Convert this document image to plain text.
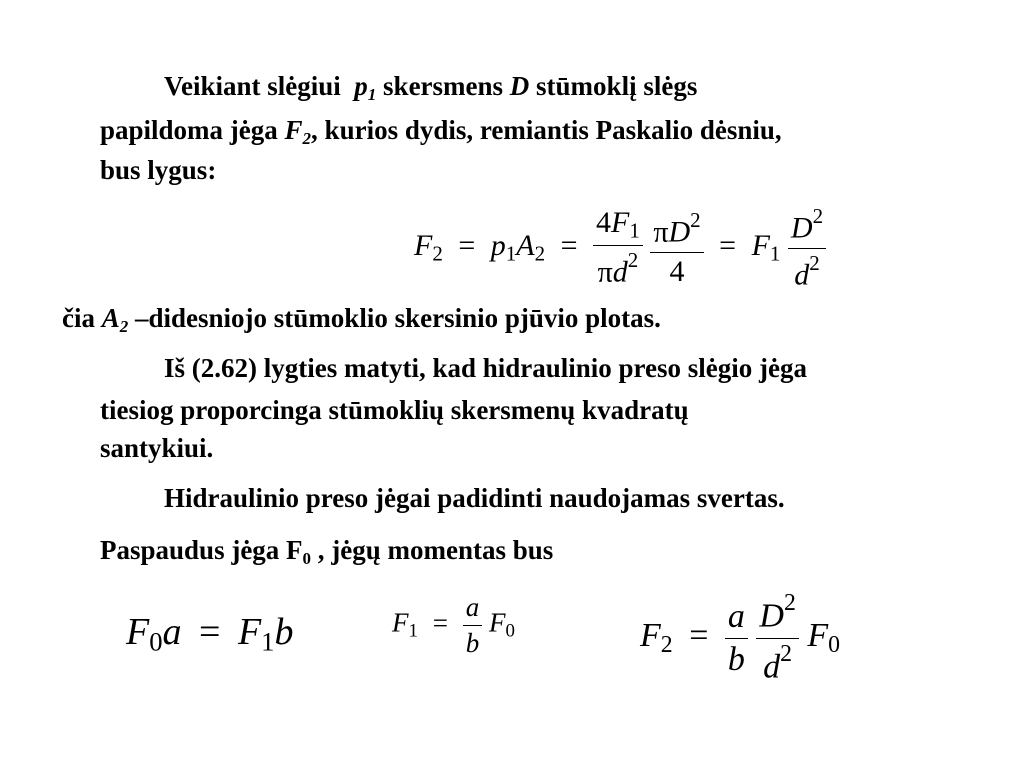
Veikiant slėgiui $p_1$ skersmens D stūmoklį slėgs
papildoma jėga $F_2$, kurios dydis, remiantis Paskalio dėsniu,
bus lygus:
$F2 = p1A2 = \frac{4F1}{\pi d^2}$
$\frac{\pi D^2}{4} = F1 \frac{D^2}{d^2}$
čia $A_2$ –didesniojo stūmoklio skersinio pjūvio plotas.
Iš (2.62) lygties matyti, kad hidraulinio preso slėgio jėga
tiesiog proporcinga stūmoklių skersmenų kvadratų
santykiui.
Hidraulinio preso jėgai padidinti naudojamas svertas.
Paspaudus jėga $F_0$ , jėgų momentas bus
F0a = F1b	$F1 = \frac{a}{b} F0$	$F2 = \frac{a}{b}$
$\frac{D^2}{d^2} F0$
